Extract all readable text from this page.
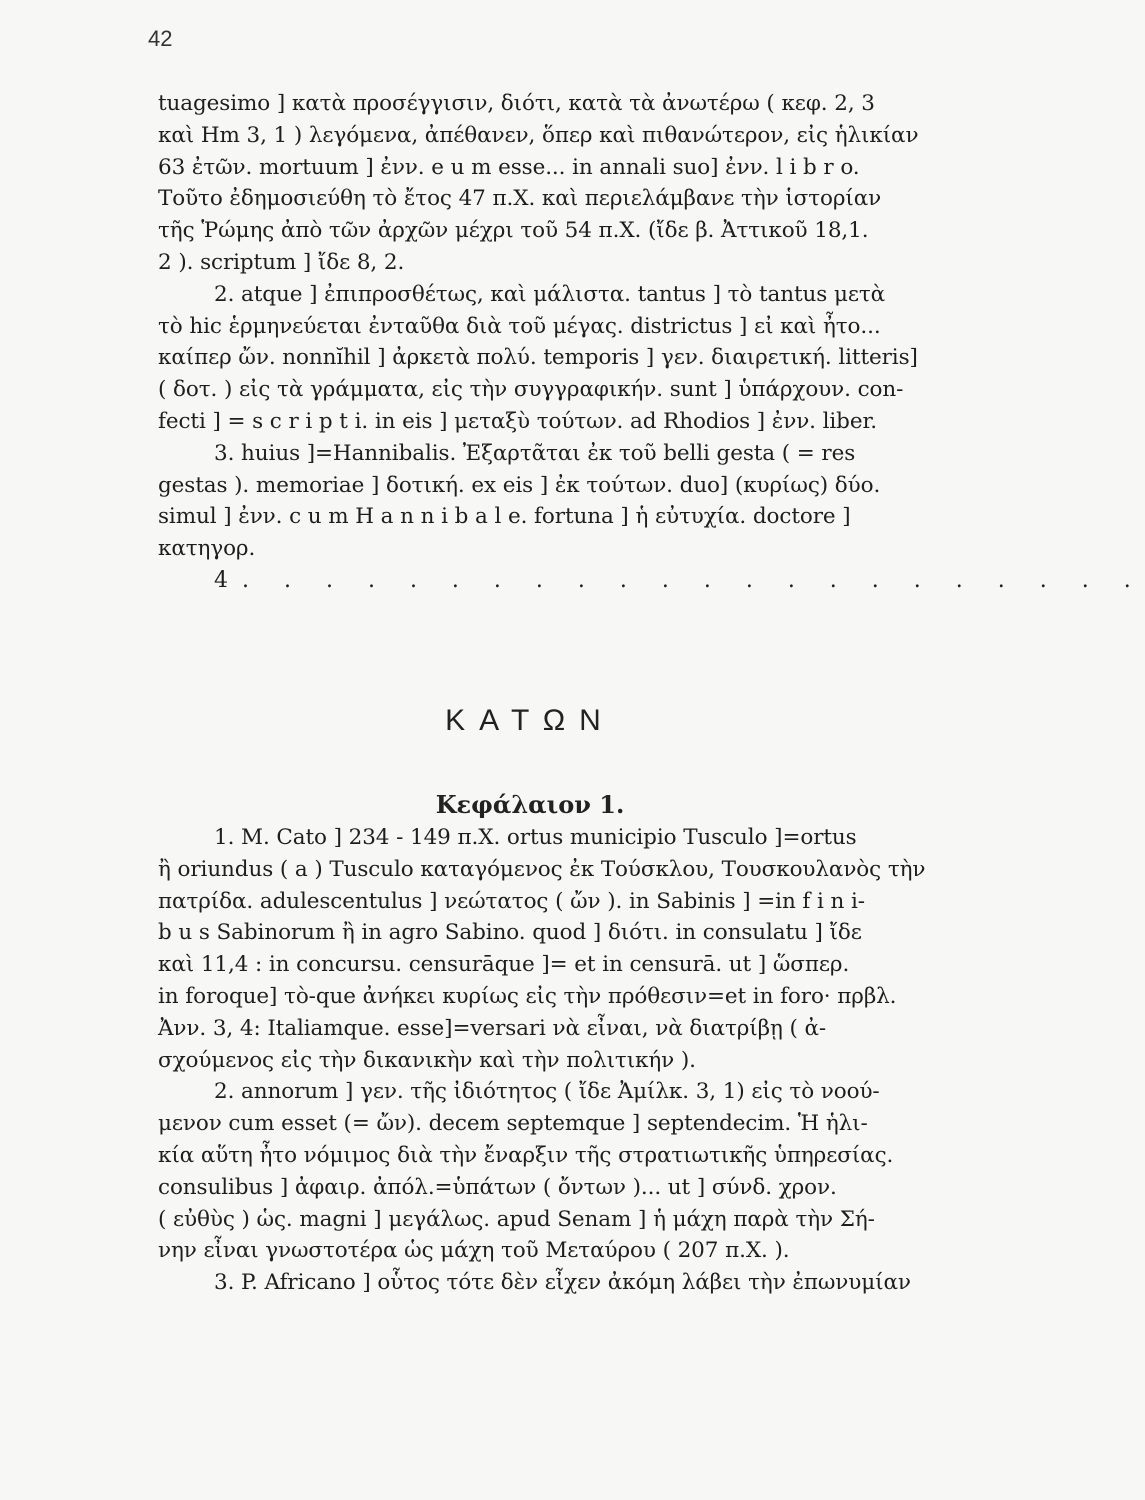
42
tuagesimo ] κατὰ προσέγγισιν, διότι, κατὰ τὰ ἀνωτέρω ( κεφ. 2, 3
καὶ Hm 3, 1 ) λεγόμενα, ἀπέθανεν, ὅπερ καὶ πιθανώτερον, εἰς ἡλικίαν
63 ἐτῶν. mortuum ] ἐνν. e u m esse... in annali suo] ἐνν. l i b r o.
Τοῦτο ἐδημοσιεύθη τὸ ἔτος 47 π.Χ. καὶ περιελάμβανε τὴν ἱστορίαν
τῆς Ῥώμης ἀπὸ τῶν ἀρχῶν μέχρι τοῦ 54 π.Χ. (ἴδε β. Ἀττικοῦ 18,1.
2 ). scriptum ] ἴδε 8, 2.
2. atque ] ἐπιπροσθέτως, καὶ μάλιστα. tantus ] τὸ tantus μετὰ
τὸ hic ἑρμηνεύεται ἐνταῦθα διὰ τοῦ μέγας. districtus ] εἰ καὶ ἦτο...
καίπερ ὤν. nonnĭhil ] ἀρκετὰ πολύ. temporis ] γεν. διαιρετική. litteris]
( δοτ. ) εἰς τὰ γράμματα, εἰς τὴν συγγραφικήν. sunt ] ὑπάρχουν. con-
fecti ] = s c r i p t i. in eis ] μεταξὺ τούτων. ad Rhodios ] ἐνν. liber.
3. huius ]=Hannibalis. Ἐξαρτᾶται ἐκ τοῦ belli gesta ( = res
gestas ). memoriae ] δοτική. ex eis ] ἐκ τούτων. duo] (κυρίως) δύο.
simul ] ἐνν. c u m H a n n i b a l e. fortuna ] ἡ εὐτυχία. doctore ]
κατηγορ.
4. . . . . . . . . . . . . . . . . . . . . .
ΚΑΤΩΝ
Κεφάλαιον 1.
1. M. Cato ] 234 - 149 π.Χ. ortus municipio Tusculo ]=ortus
ἢ oriundus ( a ) Tusculo καταγόμενος ἐκ Τούσκλου, Τουσκουλανὸς τὴν
πατρίδα. adulescentulus ] νεώτατος ( ὤν ). in Sabinis ] =in f i n i-
b u s Sabinorum ἢ in agro Sabino. quod ] διότι. in consulatu ] ἴδε
καὶ 11,4 : in concursu. censurāque ]= et in censurā. ut ] ὥσπερ.
in foroque] τὸ-que ἀνήκει κυρίως εἰς τὴν πρόθεσιν=et in foro· πρβλ.
Ἀνν. 3, 4: Italiamque. esse]=versari νὰ εἶναι, νὰ διατρίβῃ ( ἀ-
σχούμενος εἰς τὴν δικανικὴν καὶ τὴν πολιτικήν ).
2. annorum ] γεν. τῆς ἰδιότητος ( ἴδε Ἀμίλκ. 3, 1) εἰς τὸ νοού-
μενον cum esset (= ὤν). decem septemque ] septendecim. Ἡ ἡλι-
κία αὕτη ἦτο νόμιμος διὰ τὴν ἔναρξιν τῆς στρατιωτικῆς ὑπηρεσίας.
consulibus ] ἀφαιρ. ἀπόλ.=ὑπάτων ( ὄντων )... ut ] σύνδ. χρον.
( εὐθὺς ) ὡς. magni ] μεγάλως. apud Senam ] ἡ μάχη παρὰ τὴν Σή-
νην εἶναι γνωστοτέρα ὡς μάχη τοῦ Μεταύρου ( 207 π.Χ. ).
3. P. Africano ] οὗτος τότε δὲν εἶχεν ἀκόμη λάβει τὴν ἐπωνυμίαν
